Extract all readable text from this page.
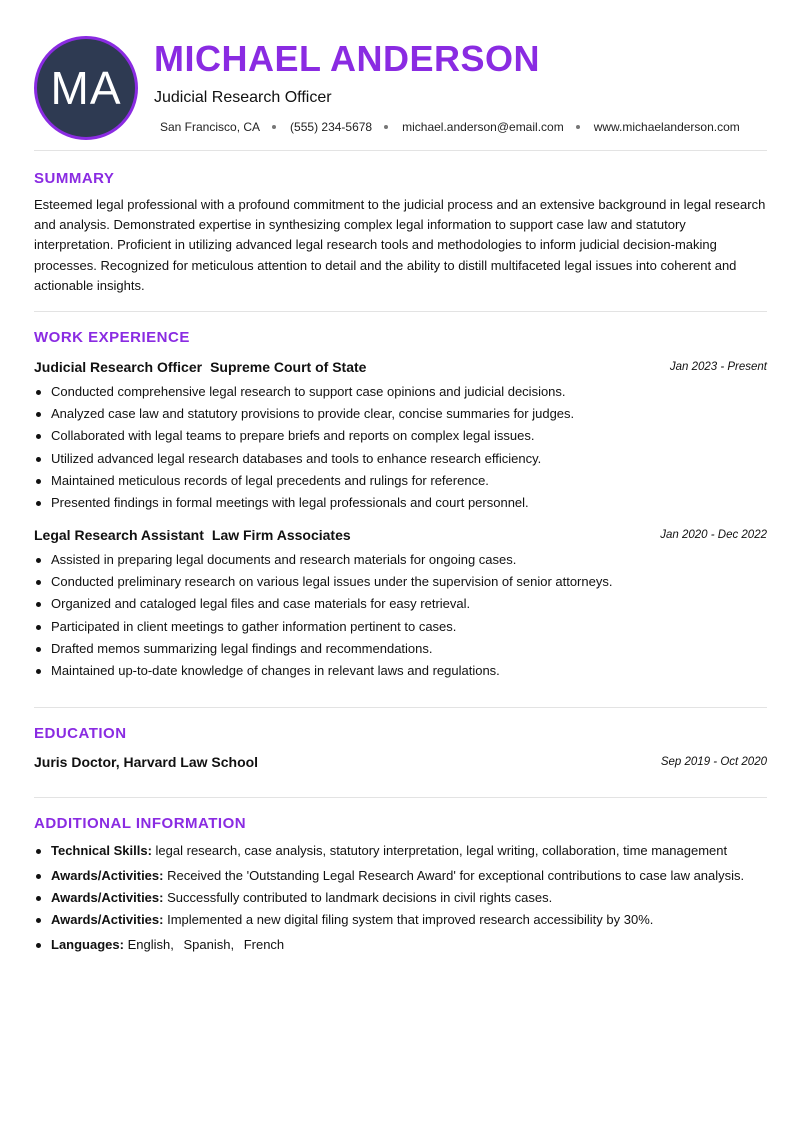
MA
MICHAEL ANDERSON
Judicial Research Officer
San Francisco, CA	(555) 234-5678	michael.anderson@email.com	www.michaelanderson.com
SUMMARY

Esteemed legal professional with a profound commitment to the judicial process and an extensive background in legal research and analysis. Demonstrated expertise in synthesizing complex legal information to support case law and statutory interpretation. Proficient in utilizing advanced legal research tools and methodologies to inform judicial decision-making processes. Recognized for meticulous attention to detail and the ability to distill multifaceted legal issues into coherent and actionable insights.

WORK EXPERIENCE
Judicial Research Officer Supreme Court of State	Jan 2023 - Present
Conducted comprehensive legal research to support case opinions and judicial decisions.
Analyzed case law and statutory provisions to provide clear, concise summaries for judges.
Collaborated with legal teams to prepare briefs and reports on complex legal issues.
Utilized advanced legal research databases and tools to enhance research efficiency.
Maintained meticulous records of legal precedents and rulings for reference.
Presented findings in formal meetings with legal professionals and court personnel.
Legal Research Assistant Law Firm Associates	Jan 2020 - Dec 2022
Assisted in preparing legal documents and research materials for ongoing cases.
Conducted preliminary research on various legal issues under the supervision of senior attorneys.
Organized and cataloged legal files and case materials for easy retrieval.
Participated in client meetings to gather information pertinent to cases.
Drafted memos summarizing legal findings and recommendations.
Maintained up-to-date knowledge of changes in relevant laws and regulations.
EDUCATION
Juris Doctor, Harvard Law School	Sep 2019 - Oct 2020
ADDITIONAL INFORMATION
Technical Skills: legal research, case analysis, statutory interpretation, legal writing, collaboration, time management
Awards/Activities: Received the 'Outstanding Legal Research Award' for exceptional contributions to case law analysis.
Awards/Activities: Successfully contributed to landmark decisions in civil rights cases.
Awards/Activities: Implemented a new digital filing system that improved research accessibility by 30%.
Languages: English, Spanish, French
